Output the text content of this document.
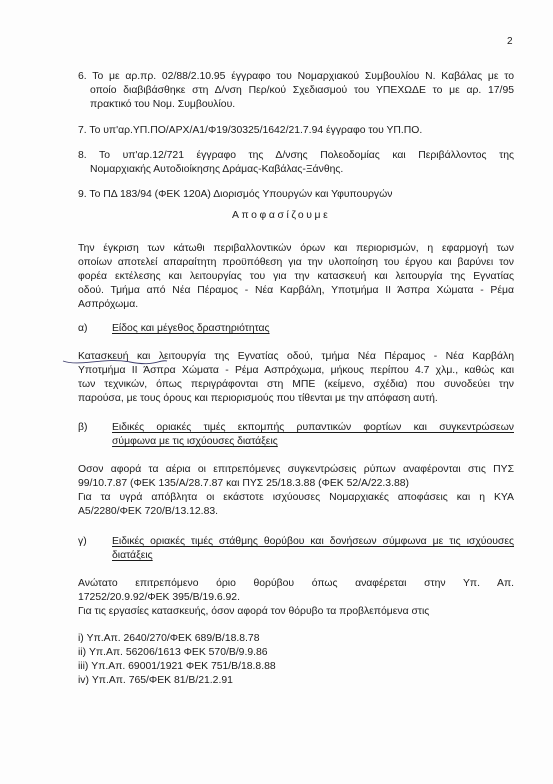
2
6. Το με αρ.πρ. 02/88/2.10.95 έγγραφο του Νομαρχιακού Συμβουλίου Ν. Καβάλας με το
οποίο διαβιβάσθηκε στη Δ/νση Περ/κού Σχεδιασμού του ΥΠΕΧΩΔΕ το με αρ. 17/95
πρακτικό του Νομ. Συμβουλίου.
7. Το υπ'αρ.ΥΠ.ΠΟ/ΑΡΧ/Α1/Φ19/30325/1642/21.7.94 έγγραφο του ΥΠ.ΠΟ.
8. Το υπ'αρ.12/721 έγγραφο της Δ/νσης Πολεοδομίας και Περιβάλλοντος της
Νομαρχιακής Αυτοδιοίκησης Δράμας-Καβάλας-Ξάνθης.
9. Το ΠΔ 183/94 (ΦΕΚ 120Α) Διορισμός Υπουργών και Υφυπουργών
Αποφασίζουμε
Την έγκριση των κάτωθι περιβαλλοντικών όρων και περιορισμών, η εφαρμογή των
οποίων αποτελεί απαραίτητη προϋπόθεση για την υλοποίηση του έργου και βαρύνει τον
φορέα εκτέλεσης και λειτουργίας του για την κατασκευή και λειτουργία της Εγνατίας
οδού. Τμήμα από Νέα Πέραμος - Νέα Καρβάλη, Υποτμήμα ΙΙ Άσπρα Χώματα - Ρέμα
Ασπρόχωμα.
α) Είδος και μέγεθος δραστηριότητας
Κατασκευή και λειτουργία της Εγνατίας οδού, τμήμα Νέα Πέραμος - Νέα Καρβάλη
Υποτμήμα ΙΙ Άσπρα Χώματα - Ρέμα Ασπρόχωμα, μήκους περίπου 4.7 χλμ., καθώς και
των τεχνικών, όπως περιγράφονται στη ΜΠΕ (κείμενο, σχέδια) που συνοδεύει την
παρούσα, με τους όρους και περιορισμούς που τίθενται με την απόφαση αυτή.
β) Ειδικές οριακές τιμές εκπομπής ρυπαντικών φορτίων και συγκεντρώσεων
σύμφωνα με τις ισχύουσες διατάξεις
Οσον αφορά τα αέρια οι επιτρεπόμενες συγκεντρώσεις ρύπων αναφέρονται στις ΠΥΣ
99/10.7.87 (ΦΕΚ 135/Α/28.7.87 και ΠΥΣ 25/18.3.88 (ΦΕΚ 52/Α/22.3.88)
Για τα υγρά απόβλητα οι εκάστοτε ισχύουσες Νομαρχιακές αποφάσεις και η ΚΥΑ
Α5/2280/ΦΕΚ 720/Β/13.12.83.
γ) Ειδικές οριακές τιμές στάθμης θορύβου και δονήσεων σύμφωνα με τις ισχύουσες
διατάξεις
Ανώτατο επιτρεπόμενο όριο θορύβου όπως αναφέρεται στην Υπ. Απ.
17252/20.9.92/ΦΕΚ 395/Β/19.6.92.
Για τις εργασίες κατασκευής, όσον αφορά τον θόρυβο τα προβλεπόμενα στις
i) Υπ.Απ. 2640/270/ΦΕΚ 689/Β/18.8.78
ii) Υπ.Απ. 56206/1613 ΦΕΚ 570/Β/9.9.86
iii) Υπ.Απ. 69001/1921 ΦΕΚ 751/Β/18.8.88
iv) Υπ.Απ. 765/ΦΕΚ 81/Β/21.2.91
